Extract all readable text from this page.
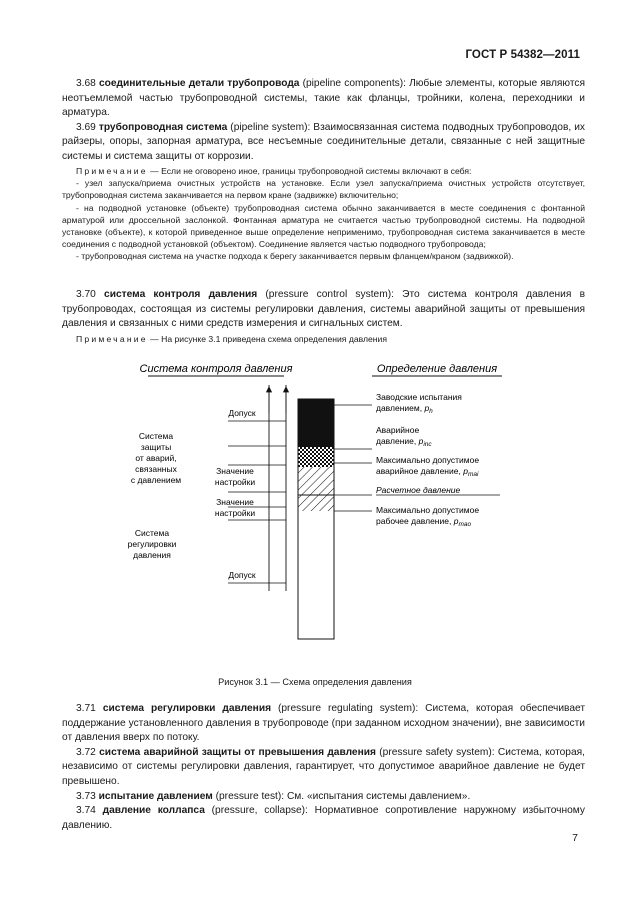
ГОСТ Р 54382—2011

3.68 соединительные детали трубопровода (pipeline components): Любые элементы, которые являются неотъемлемой частью трубопроводной системы, такие как фланцы, тройники, колена, переходники и арматура.

3.69 трубопроводная система (pipeline system): Взаимосвязанная система подводных трубопроводов, их райзеры, опоры, запорная арматура, все несъемные соединительные детали, связанные с ней защитные системы и система защиты от коррозии.

Примечание — Если не оговорено иное, границы трубопроводной системы включают в себя:

- узел запуска/приема очистных устройств на установке. Если узел запуска/приема очистных устройств отсутствует, трубопроводная система заканчивается на первом кране (задвижке) включительно;

- на подводной установке (объекте) трубопроводная система обычно заканчивается в месте соединения с фонтанной арматурой или дроссельной заслонкой. Фонтанная арматура не считается частью трубопроводной системы. На подводной установке (объекте), к которой приведенное выше определение неприменимо, трубопроводная система заканчивается в месте соединения с подводной установкой (объектом). Соединение является частью подводного трубопровода;

- трубопроводная система на участке подхода к берегу заканчивается первым фланцем/краном (задвижкой).

3.70 система контроля давления (pressure control system): Это система контроля давления в трубопроводах, состоящая из системы регулировки давления, системы аварийной защиты от превышения давления и связанных с ними средств измерения и сигнальных систем.

Примечание — На рисунке 3.1 приведена схема определения давления

Система контроля давления	Определение давления
Допуск
Система
защиты
от аварий,
связанных
с давлением
Значение
настройки
Значение
настройки
Система
регулировки
давления
Допуск
Заводские испытания
давлением, $p_h$
Аварийное
давление, $p_{inc}$
Максимально допустимое
аварийное давление, $p_{mai}$
Расчетное давление
Максимально допустимое
рабочее давление, $p_{mao}$
Рисунок 3.1 — Схема определения давления

3.71 система регулировки давления (pressure regulating system): Система, которая обеспечивает поддержание установленного давления в трубопроводе (при заданном исходном значении), вне зависимости от давления вверх по потоку.

3.72 система аварийной защиты от превышения давления (pressure safety system): Система, которая, независимо от системы регулировки давления, гарантирует, что допустимое аварийное давление не будет превышено.

3.73 испытание давлением (pressure test): См. «испытания системы давлением».

3.74 давление коллапса (pressure, collapse): Нормативное сопротивление наружному избыточному давлению.

7
